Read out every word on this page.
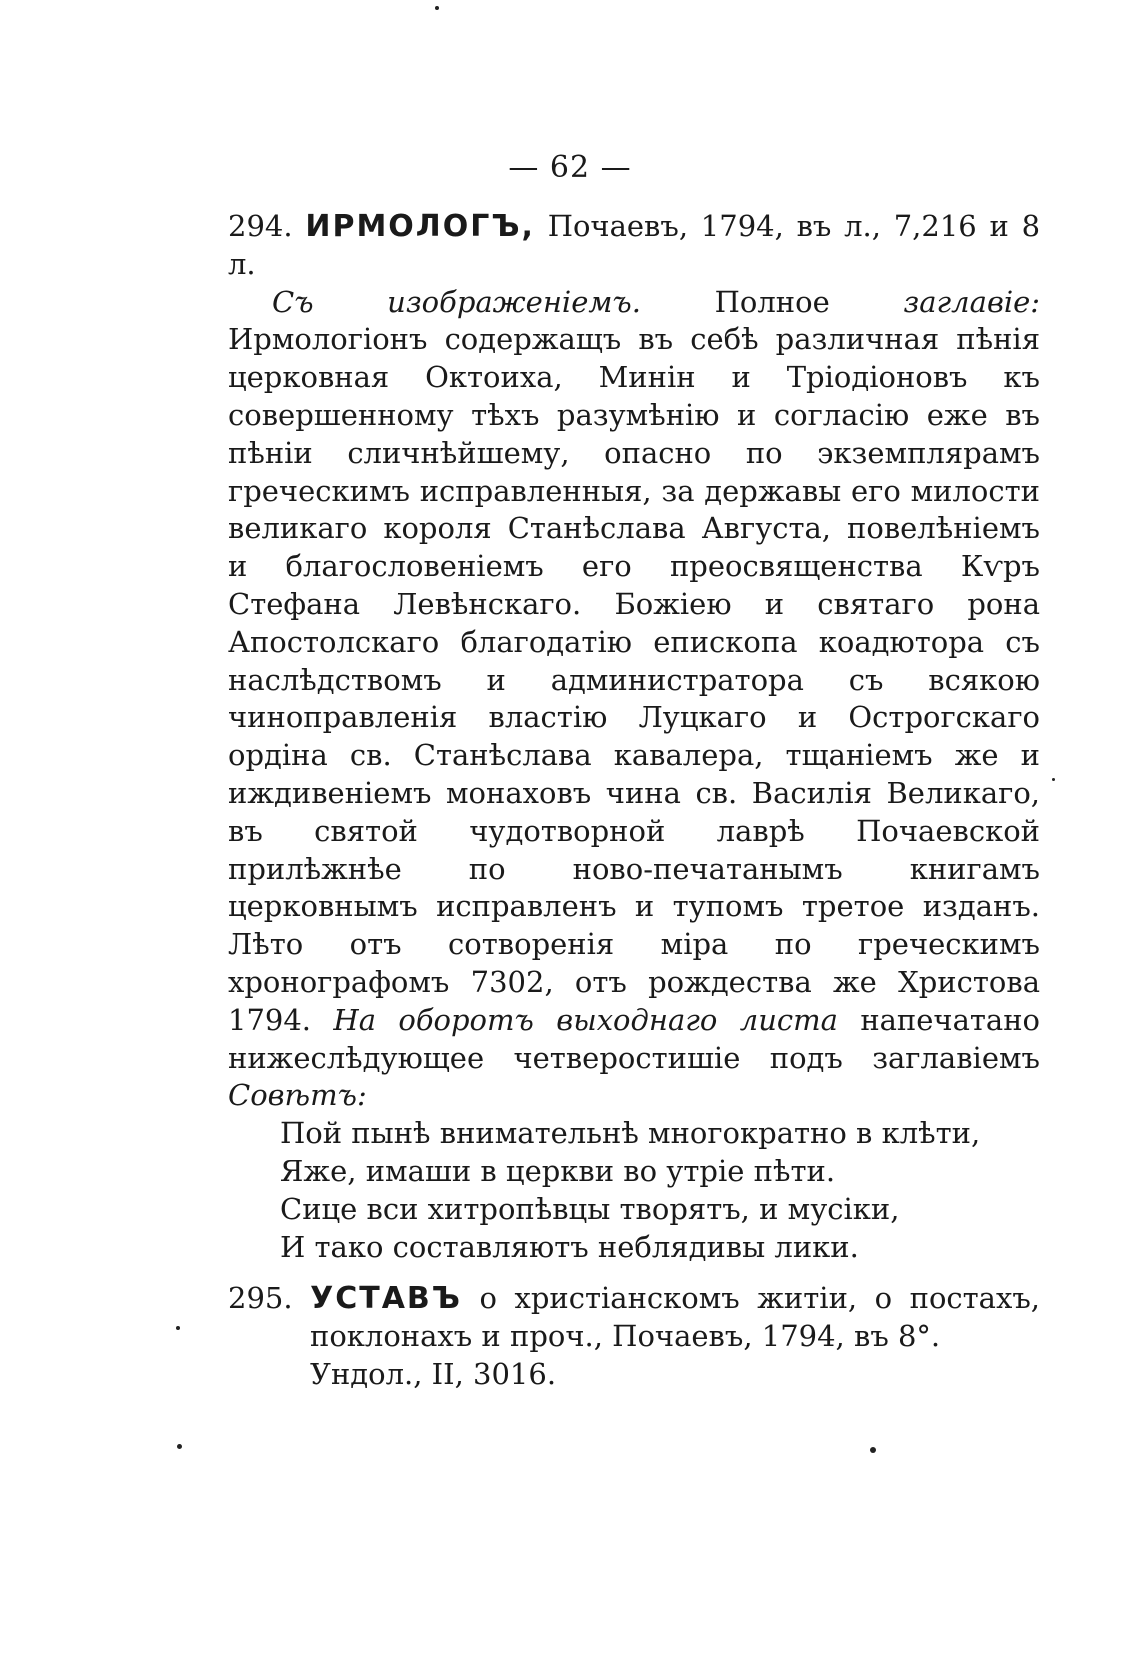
— 62 —

294. ИРМОЛОГЪ, Почаевъ, 1794, въ л., 7,216 и 8 л.

Съ изображеніемъ.	Полное	заглавіе: Ирмологіонъ содержащъ въ себѣ различная пѣнія церковная Октоиха, Минін и Тріодіоновъ къ совершенному тѣхъ разумѣнію и согласію еже въ пѣніи сличнѣйшему, опасно по экземплярамъ греческимъ исправленныя, за державы его милости великаго короля Станѣслава Августа, повелѣніемъ и благословеніемъ его преосвященства Кѵръ Стефана Левѣнскаго. Божіею и святаго рона Апостолскаго благодатію епископа коадютора съ наслѣдствомъ и администратора съ всякою чиноправленія властію Луцкаго и Острогскаго ордіна св. Станѣслава кавалера, тщаніемъ же и иждивеніемъ монаховъ чина св. Василія Великаго, въ святой чудотворной лаврѣ Почаевской прилѣжнѣе по ново-печатанымъ книгамъ церковнымъ исправленъ и тупомъ третое изданъ. Лѣто отъ сотворенія міра по греческимъ хронографомъ 7302, отъ рождества же Христова 1794. На оборотъ выходнаго листа напечатано нижеслѣдующее четверостишіе подъ заглавіемъ Совѣтъ:

Пой пынѣ внимательнѣ многократно в клѣти,

Яже, имаши в церкви во утріе пѣти.

Сице вси хитропѣвцы творятъ, и мусіки,

И тако составляютъ неблядивы лики.

295. УСТАВЪ о христіанскомъ житіи, о постахъ, поклонахъ и проч., Почаевъ, 1794, въ 8°.

Ундол., II, 3016.
